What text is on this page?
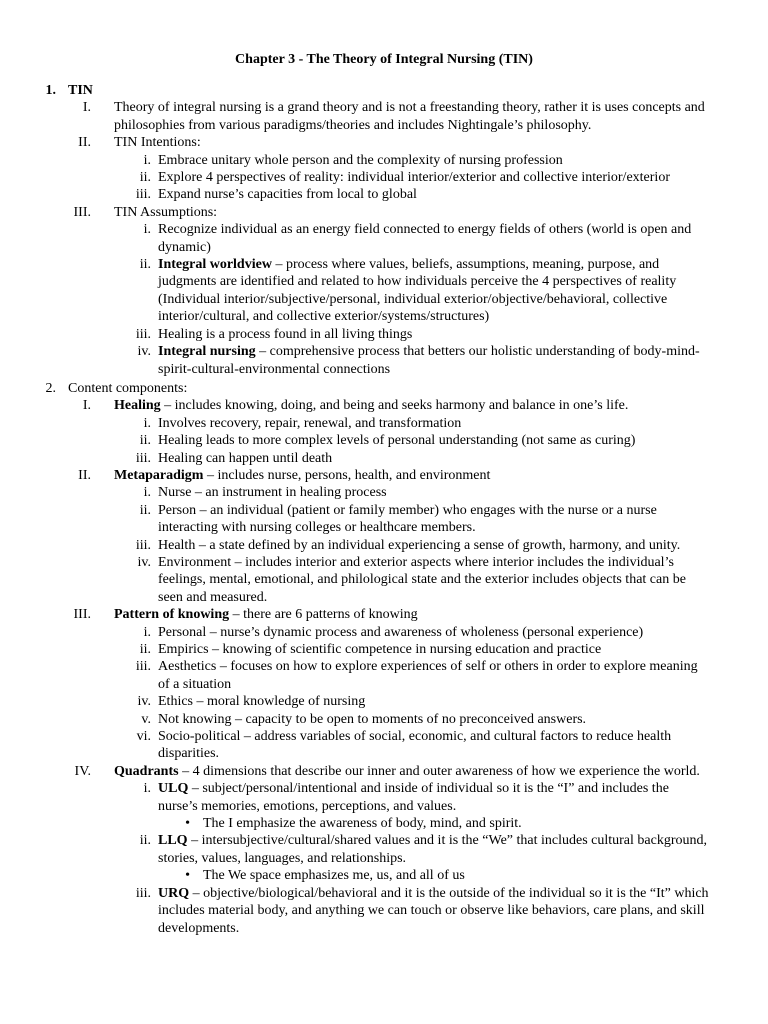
Chapter 3 - The Theory of Integral Nursing (TIN)
1. TIN
I. Theory of integral nursing is a grand theory and is not a freestanding theory, rather it is uses concepts and philosophies from various paradigms/theories and includes Nightingale’s philosophy.
II. TIN Intentions:
i. Embrace unitary whole person and the complexity of nursing profession
ii. Explore 4 perspectives of reality: individual interior/exterior and collective interior/exterior
iii. Expand nurse’s capacities from local to global
III. TIN Assumptions:
i. Recognize individual as an energy field connected to energy fields of others (world is open and dynamic)
ii. Integral worldview – process where values, beliefs, assumptions, meaning, purpose, and judgments are identified and related to how individuals perceive the 4 perspectives of reality (Individual interior/subjective/personal, individual exterior/objective/behavioral, collective interior/cultural, and collective exterior/systems/structures)
iii. Healing is a process found in all living things
iv. Integral nursing – comprehensive process that betters our holistic understanding of body-mind-spirit-cultural-environmental connections
2. Content components:
I. Healing – includes knowing, doing, and being and seeks harmony and balance in one’s life.
i. Involves recovery, repair, renewal, and transformation
ii. Healing leads to more complex levels of personal understanding (not same as curing)
iii. Healing can happen until death
II. Metaparadigm – includes nurse, persons, health, and environment
i. Nurse – an instrument in healing process
ii. Person – an individual (patient or family member) who engages with the nurse or a nurse interacting with nursing colleges or healthcare members.
iii. Health – a state defined by an individual experiencing a sense of growth, harmony, and unity.
iv. Environment – includes interior and exterior aspects where interior includes the individual’s feelings, mental, emotional, and philological state and the exterior includes objects that can be seen and measured.
III. Pattern of knowing – there are 6 patterns of knowing
i. Personal – nurse’s dynamic process and awareness of wholeness (personal experience)
ii. Empirics – knowing of scientific competence in nursing education and practice
iii. Aesthetics – focuses on how to explore experiences of self or others in order to explore meaning of a situation
iv. Ethics – moral knowledge of nursing
v. Not knowing – capacity to be open to moments of no preconceived answers.
vi. Socio-political – address variables of social, economic, and cultural factors to reduce health disparities.
IV. Quadrants – 4 dimensions that describe our inner and outer awareness of how we experience the world.
i. ULQ – subject/personal/intentional and inside of individual so it is the “I” and includes the nurse’s memories, emotions, perceptions, and values.
• The I emphasize the awareness of body, mind, and spirit.
ii. LLQ – intersubjective/cultural/shared values and it is the “We” that includes cultural background, stories, values, languages, and relationships.
• The We space emphasizes me, us, and all of us
iii. URQ – objective/biological/behavioral and it is the outside of the individual so it is the “It” which includes material body, and anything we can touch or observe like behaviors, care plans, and skill developments.
